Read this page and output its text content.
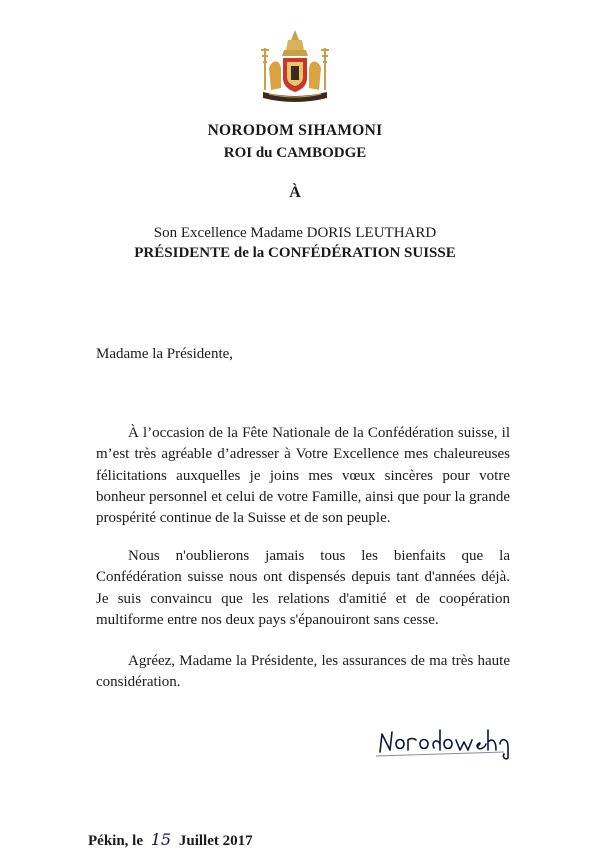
NORODOM SIHAMONI
ROI du CAMBODGE
À
Son Excellence Madame DORIS LEUTHARD
PRÉSIDENTE de la CONFÉDÉRATION SUISSE
Madame la Présidente,
À l’occasion de la Fête Nationale de la Confédération suisse, il m’est très agréable d’adresser à Votre Excellence mes chaleureuses félicitations auxquelles je joins mes vœux sincères pour votre bonheur personnel et celui de votre Famille, ainsi que pour la grande prospérité continue de la Suisse et de son peuple.
Nous n'oublierons jamais tous les bienfaits que la Confédération suisse nous ont dispensés depuis tant d'années déjà. Je suis convaincu que les relations d'amitié et de coopération multiforme entre nos deux pays s'épanouiront sans cesse.
Agréez, Madame la Présidente, les assurances de ma très haute considération.
Pékin, le 15 Juillet 2017
